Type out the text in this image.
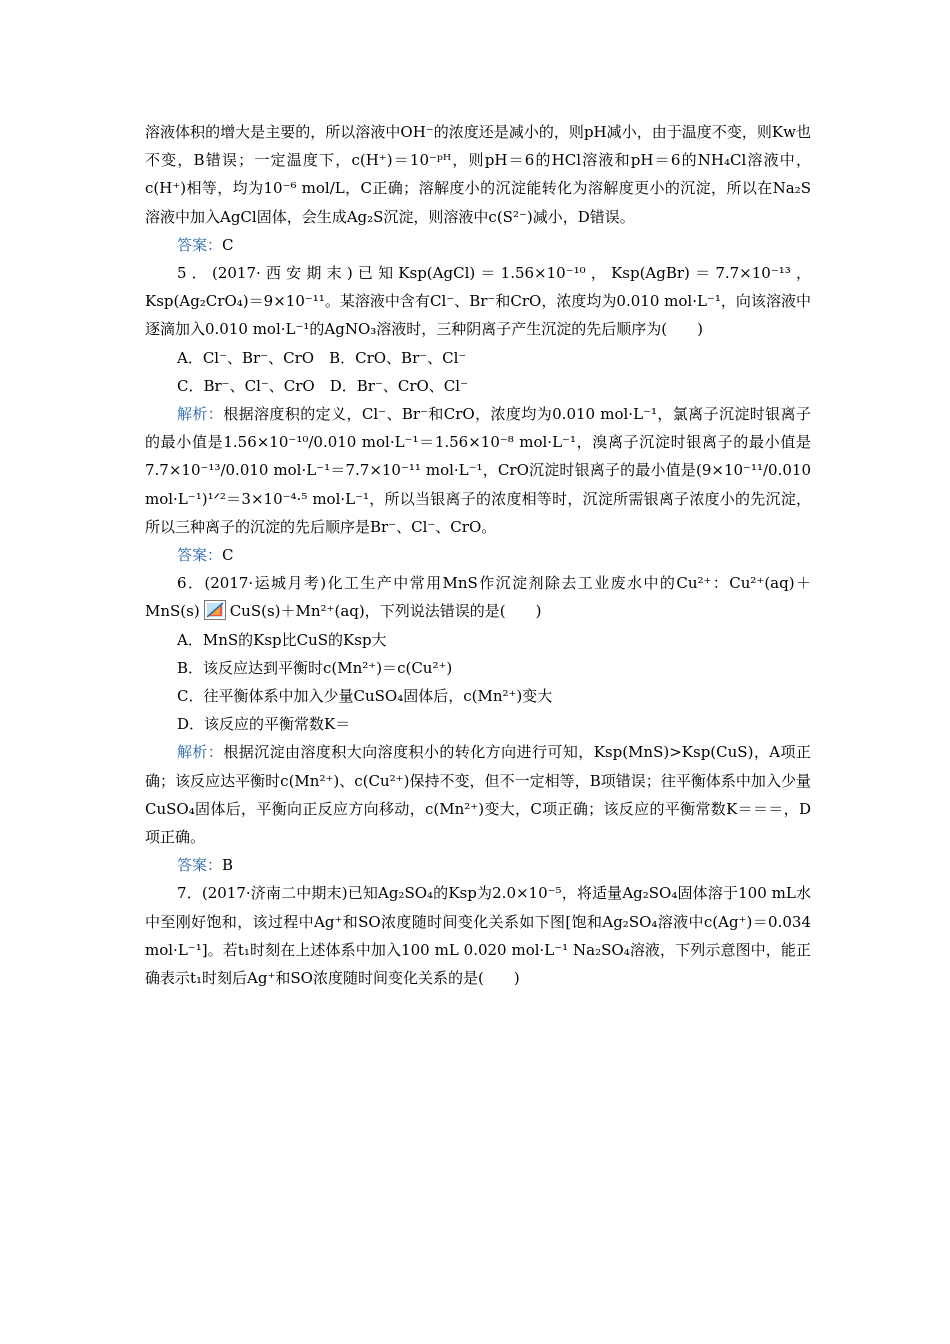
溶液体积的增大是主要的，所以溶液中OH⁻的浓度还是减小的，则pH减小，由于温度不变，则Kw也不变，B错误；一定温度下，c(H⁺)＝10⁻ᵖᴴ，则pH＝6的HCl溶液和pH＝6的NH₄Cl溶液中，c(H⁺)相等，均为10⁻⁶ mol/L，C正确；溶解度小的沉淀能转化为溶解度更小的沉淀，所以在Na₂S溶液中加入AgCl固体，会生成Ag₂S沉淀，则溶液中c(S²⁻)减小，D错误。

答案：C

5．(2017·西安期末)已知Ksp(AgCl)＝1.56×10⁻¹⁰，Ksp(AgBr)＝7.7×10⁻¹³，Ksp(Ag₂CrO₄)＝9×10⁻¹¹。某溶液中含有Cl⁻、Br⁻和CrO，浓度均为0.010 mol·L⁻¹，向该溶液中逐滴加入0.010 mol·L⁻¹的AgNO₃溶液时，三种阴离子产生沉淀的先后顺序为(　　)

A．Cl⁻、Br⁻、CrO　B．CrO、Br⁻、Cl⁻

C．Br⁻、Cl⁻、CrO　D．Br⁻、CrO、Cl⁻

解析：根据溶度积的定义，Cl⁻、Br⁻和CrO，浓度均为0.010 mol·L⁻¹，氯离子沉淀时银离子的最小值是1.56×10⁻¹⁰/0.010 mol·L⁻¹＝1.56×10⁻⁸ mol·L⁻¹，溴离子沉淀时银离子的最小值是7.7×10⁻¹³/0.010 mol·L⁻¹＝7.7×10⁻¹¹ mol·L⁻¹，CrO沉淀时银离子的最小值是(9×10⁻¹¹/0.010 mol·L⁻¹)¹ᐟ²＝3×10⁻⁴·⁵ mol·L⁻¹，所以当银离子的浓度相等时，沉淀所需银离子浓度小的先沉淀，所以三种离子的沉淀的先后顺序是Br⁻、Cl⁻、CrO。

答案：C

6．(2017·运城月考)化工生产中常用MnS作沉淀剂除去工业废水中的Cu²⁺：Cu²⁺(aq)＋MnS(s) CuS(s)＋Mn²⁺(aq)，下列说法错误的是(　　)

A．MnS的Ksp比CuS的Ksp大

B．该反应达到平衡时c(Mn²⁺)＝c(Cu²⁺)

C．往平衡体系中加入少量CuSO₄固体后，c(Mn²⁺)变大

D．该反应的平衡常数K＝

解析：根据沉淀由溶度积大向溶度积小的转化方向进行可知，Ksp(MnS)>Ksp(CuS)，A项正确；该反应达平衡时c(Mn²⁺)、c(Cu²⁺)保持不变，但不一定相等，B项错误；往平衡体系中加入少量CuSO₄固体后，平衡向正反应方向移动，c(Mn²⁺)变大，C项正确；该反应的平衡常数K＝＝＝，D项正确。

答案：B

7．(2017·济南二中期末)已知Ag₂SO₄的Ksp为2.0×10⁻⁵，将适量Ag₂SO₄固体溶于100 mL水中至刚好饱和，该过程中Ag⁺和SO浓度随时间变化关系如下图[饱和Ag₂SO₄溶液中c(Ag⁺)＝0.034 mol·L⁻¹]。若t₁时刻在上述体系中加入100 mL 0.020 mol·L⁻¹ Na₂SO₄溶液，下列示意图中，能正确表示t₁时刻后Ag⁺和SO浓度随时间变化关系的是(　　)
